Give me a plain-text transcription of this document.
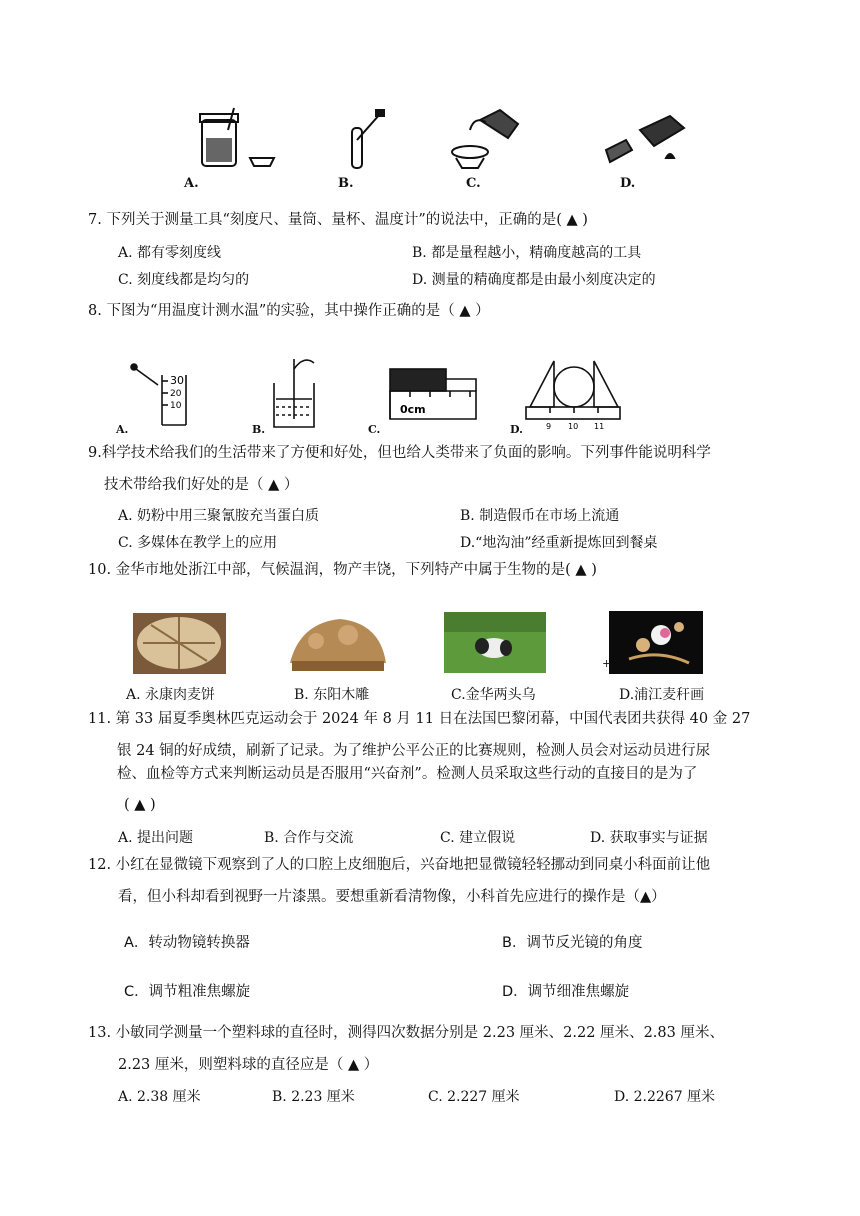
A.	B.	C.	D.
7. 下列关于测量工具“刻度尺、量筒、量杯、温度计”的说法中，正确的是( ▲ )
A. 都有零刻度线	B. 都是量程越小，精确度越高的工具
C. 刻度线都是均匀的	D. 测量的精确度都是由最小刻度决定的
8. 下图为“用温度计测水温”的实验，其中操作正确的是（ ▲ ）
30
20
10	0cm
9 10 11
A.	B.	C.	D.
9.科学技术给我们的生活带来了方便和好处，但也给人类带来了负面的影响。下列事件能说明科学
技术带给我们好处的是（ ▲ ）
A. 奶粉中用三聚氰胺充当蛋白质	B. 制造假币在市场上流通
C. 多媒体在教学上的应用	D.“地沟油”经重新提炼回到餐桌
10. 金华市地处浙江中部，气候温润，物产丰饶，下列特产中属于生物的是( ▲ )
+
A. 永康肉麦饼	B. 东阳木雕	C.金华两头乌	D.浦江麦秆画
11. 第 33 届夏季奥林匹克运动会于 2024 年 8 月 11 日在法国巴黎闭幕，中国代表团共获得 40 金 27
银 24 铜的好成绩，刷新了记录。为了维护公平公正的比赛规则，检测人员会对运动员进行尿
检、血检等方式来判断运动员是否服用“兴奋剂”。检测人员采取这些行动的直接目的是为了
( ▲ )
A. 提出问题	B. 合作与交流	C. 建立假说	D. 获取事实与证据
12. 小红在显微镜下观察到了人的口腔上皮细胞后，兴奋地把显微镜轻轻挪动到同桌小科面前让他
看，但小科却看到视野一片漆黑。要想重新看清物像，小科首先应进行的操作是（▲）
A．转动物镜转换器	B．调节反光镜的角度
C．调节粗准焦螺旋	D．调节细准焦螺旋
13. 小敏同学测量一个塑料球的直径时，测得四次数据分别是 2.23 厘米、2.22 厘米、2.83 厘米、
2.23 厘米，则塑料球的直径应是（ ▲ ）
A. 2.38 厘米	B. 2.23 厘米	C. 2.227 厘米	D. 2.2267 厘米
